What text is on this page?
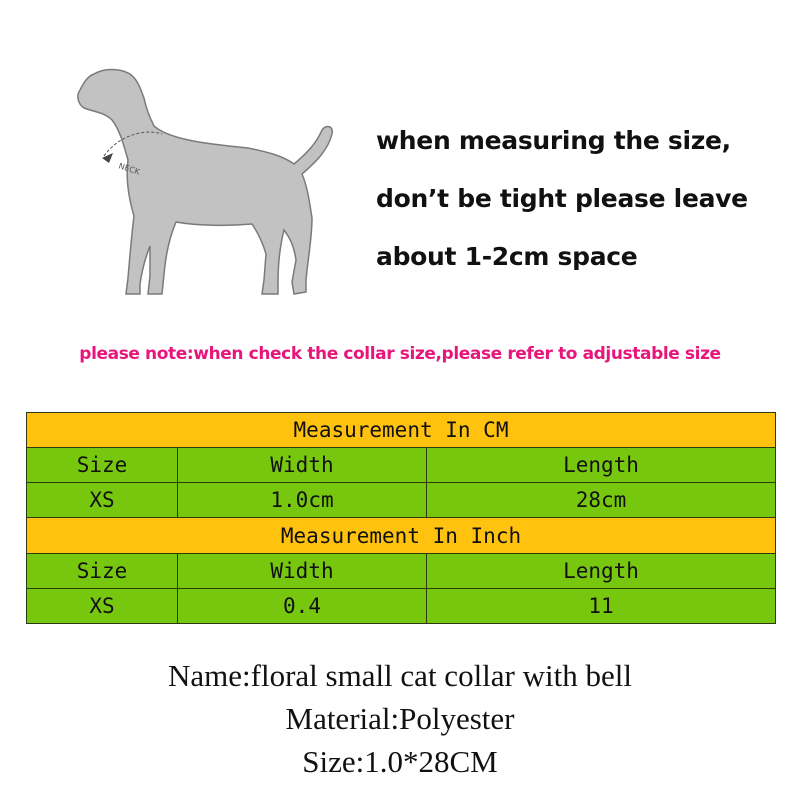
NECK
when measuring the size,
don’t be tight please leave
about 1-2cm space
please note:when check the collar size,please refer to adjustable size
Measurement In CM		
Size	Width	Length
XS	1.0cm	28cm
Measurement In Inch		
Size	Width	Length
XS	0.4	11
Name:floral small cat collar with bell
Material:Polyester
Size:1.0*28CM
